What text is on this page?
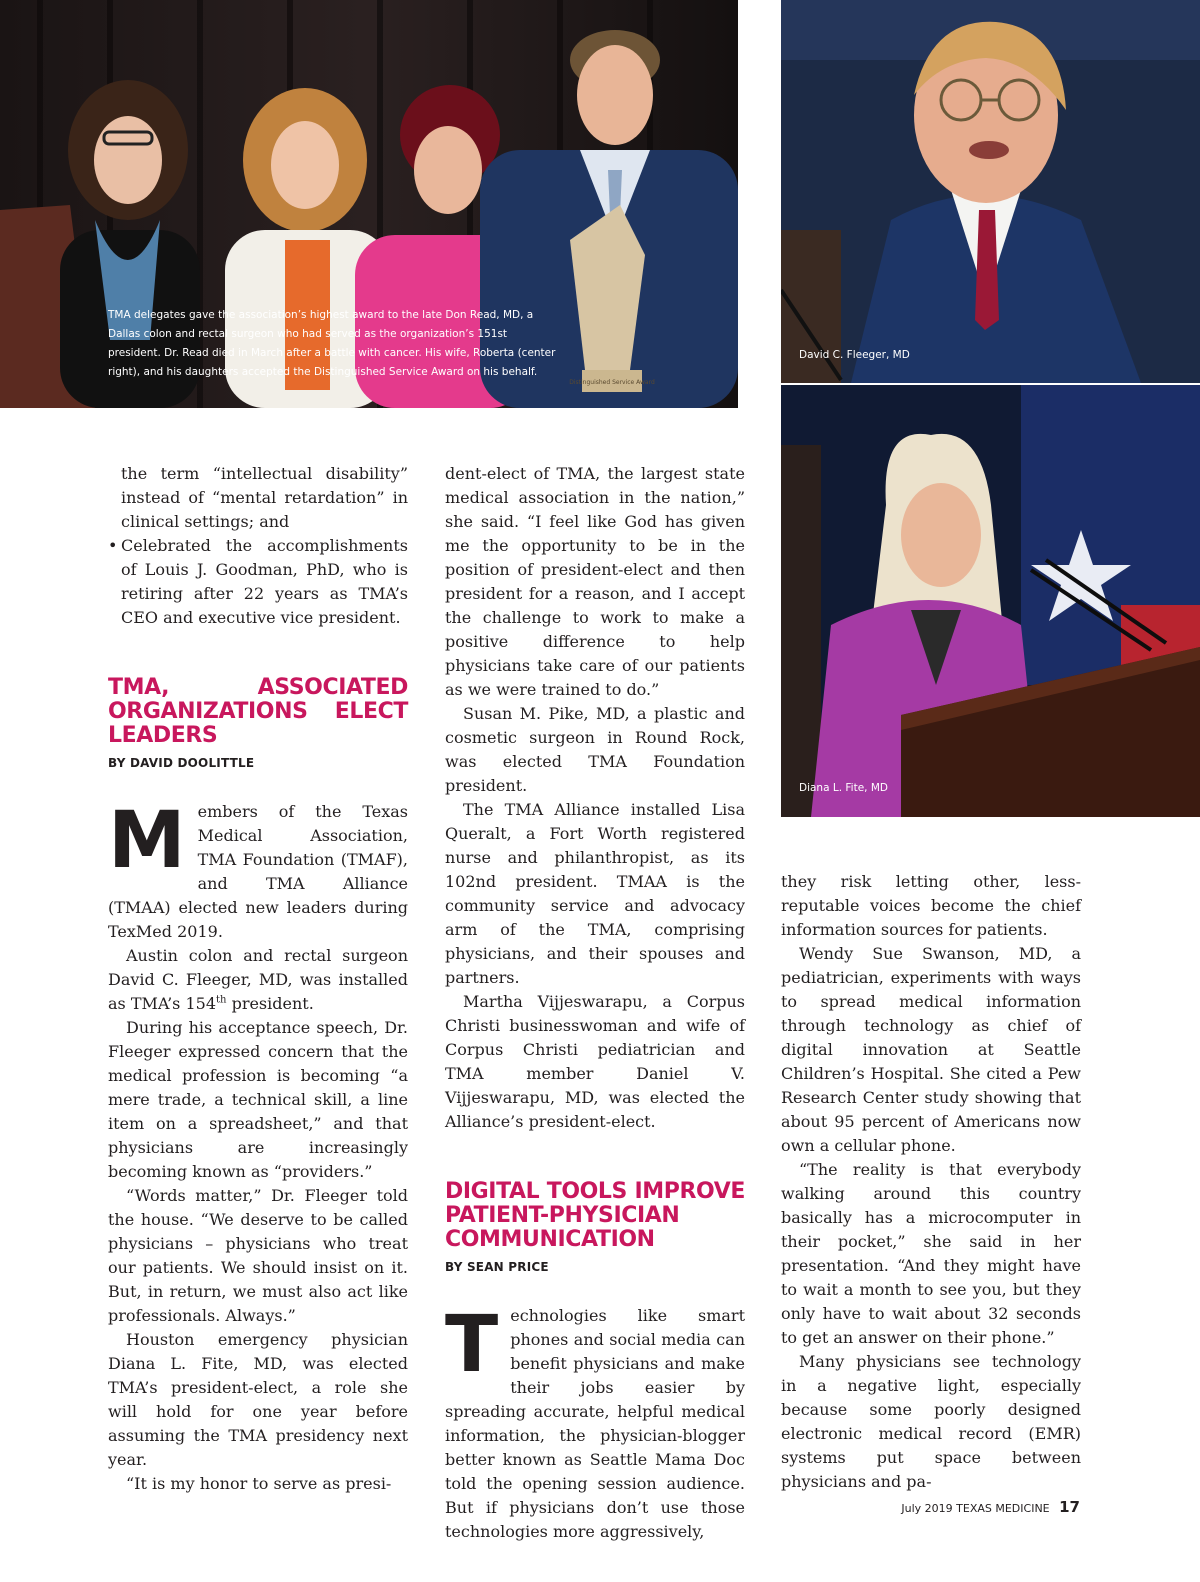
Distinguished Service Award
TMA delegates gave the association’s highest award to the late Don Read, MD, a Dallas colon and rectal surgeon who had served as the organization’s 151st president. Dr. Read died in March after a battle with cancer. His wife, Roberta (center right), and his daughters accepted the Distinguished Service Award on his behalf.
David C. Fleeger, MD
Diana L. Fite, MD
the term “intellectual disability” instead of “mental retardation” in clinical settings; and
• Celebrated the accomplishments of Louis J. Goodman, PhD, who is retiring after 22 years as TMA’s CEO and executive vice president.
TMA, ASSOCIATED ORGANIZATIONS ELECT LEADERS
BY DAVID DOOLITTLE
M embers of the Texas Medical Association, TMA Foundation (TMAF), and TMA Alliance (TMAA) elected new leaders during TexMed 2019.

Austin colon and rectal surgeon David C. Fleeger, MD, was installed as TMA’s 154th president.

During his acceptance speech, Dr. Fleeger expressed concern that the medical profession is becoming “a mere trade, a technical skill, a line item on a spreadsheet,” and that physicians are increasingly becoming known as “providers.”

“Words matter,” Dr. Fleeger told the house. “We deserve to be called physicians – physicians who treat our patients. We should insist on it. But, in return, we must also act like professionals. Always.”

Houston emergency physician Diana L. Fite, MD, was elected TMA’s president-elect, a role she will hold for one year before assuming the TMA presidency next year.

“It is my honor to serve as presi-

dent-elect of TMA, the largest state medical association in the nation,” she said. “I feel like God has given me the opportunity to be in the position of president-elect and then president for a reason, and I accept the challenge to work to make a positive difference to help physicians take care of our patients as we were trained to do.”

Susan M. Pike, MD, a plastic and cosmetic surgeon in Round Rock, was elected TMA Foundation president.

The TMA Alliance installed Lisa Queralt, a Fort Worth registered nurse and philanthropist, as its 102nd president. TMAA is the community service and advocacy arm of the TMA, comprising physicians, and their spouses and partners.

Martha Vijjeswarapu, a Corpus Christi businesswoman and wife of Corpus Christi pediatrician and TMA member Daniel V. Vijjeswarapu, MD, was elected the Alliance’s president-elect.

DIGITAL TOOLS IMPROVE PATIENT-PHYSICIAN COMMUNICATION
BY SEAN PRICE
T echnologies like smart phones and social media can benefit physicians and make their jobs easier by spreading accurate, helpful medical information, the physician-blogger better known as Seattle Mama Doc told the opening session audience. But if physicians don’t use those technologies more aggressively,

they risk letting other, less-reputable voices become the chief information sources for patients.

Wendy Sue Swanson, MD, a pediatrician, experiments with ways to spread medical information through technology as chief of digital innovation at Seattle Children’s Hospital. She cited a Pew Research Center study showing that about 95 percent of Americans now own a cellular phone.

“The reality is that everybody walking around this country basically has a microcomputer in their pocket,” she said in her presentation. “And they might have to wait a month to see you, but they only have to wait about 32 seconds to get an answer on their phone.”

Many physicians see technology in a negative light, especially because some poorly designed electronic medical record (EMR) systems put space between physicians and pa-

July 2019 TEXAS MEDICINE 17
